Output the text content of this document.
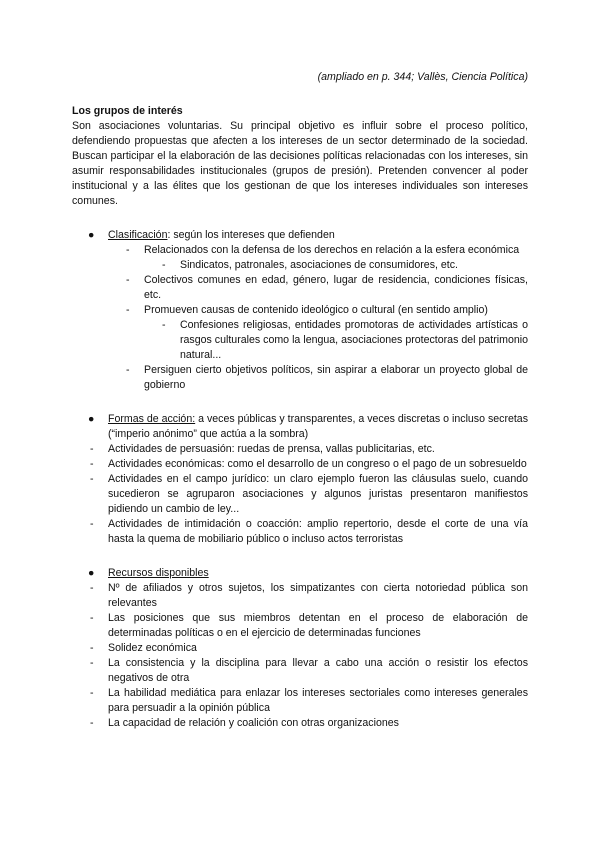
(ampliado en p. 344; Vallès, Ciencia Política)
Los grupos de interés
Son asociaciones voluntarias. Su principal objetivo es influir sobre el proceso político, defendiendo propuestas que afecten a los intereses de un sector determinado de la sociedad. Buscan participar el la elaboración de las decisiones políticas relacionadas con los intereses, sin asumir responsabilidades institucionales (grupos de presión). Pretenden convencer al poder institucional y a las élites que los gestionan de que los intereses individuales son intereses comunes.
● Clasificación: según los intereses que defienden
- Relacionados con la defensa de los derechos en relación a la esfera económica
- Sindicatos, patronales, asociaciones de consumidores, etc.
- Colectivos comunes en edad, género, lugar de residencia, condiciones físicas, etc.
- Promueven causas de contenido ideológico o cultural (en sentido amplio)
- Confesiones religiosas, entidades promotoras de actividades artísticas o rasgos culturales como la lengua, asociaciones protectoras del patrimonio natural...
- Persiguen cierto objetivos políticos, sin aspirar a elaborar un proyecto global de gobierno
● Formas de acción: a veces públicas y transparentes, a veces discretas o incluso secretas (“imperio anónimo” que actúa a la sombra)
- Actividades de persuasión: ruedas de prensa, vallas publicitarias, etc.
- Actividades económicas: como el desarrollo de un congreso o el pago de un sobresueldo
- Actividades en el campo jurídico: un claro ejemplo fueron las cláusulas suelo, cuando sucedieron se agruparon asociaciones y algunos juristas presentaron manifiestos pidiendo un cambio de ley...
- Actividades de intimidación o coacción: amplio repertorio, desde el corte de una vía hasta la quema de mobiliario público o incluso actos terroristas
● Recursos disponibles
- Nº de afiliados y otros sujetos, los simpatizantes con cierta notoriedad pública son relevantes
- Las posiciones que sus miembros detentan en el proceso de elaboración de determinadas políticas o en el ejercicio de determinadas funciones
- Solidez económica
- La consistencia y la disciplina para llevar a cabo una acción o resistir los efectos negativos de otra
- La habilidad mediática para enlazar los intereses sectoriales como intereses generales para persuadir a la opinión pública
- La capacidad de relación y coalición con otras organizaciones
